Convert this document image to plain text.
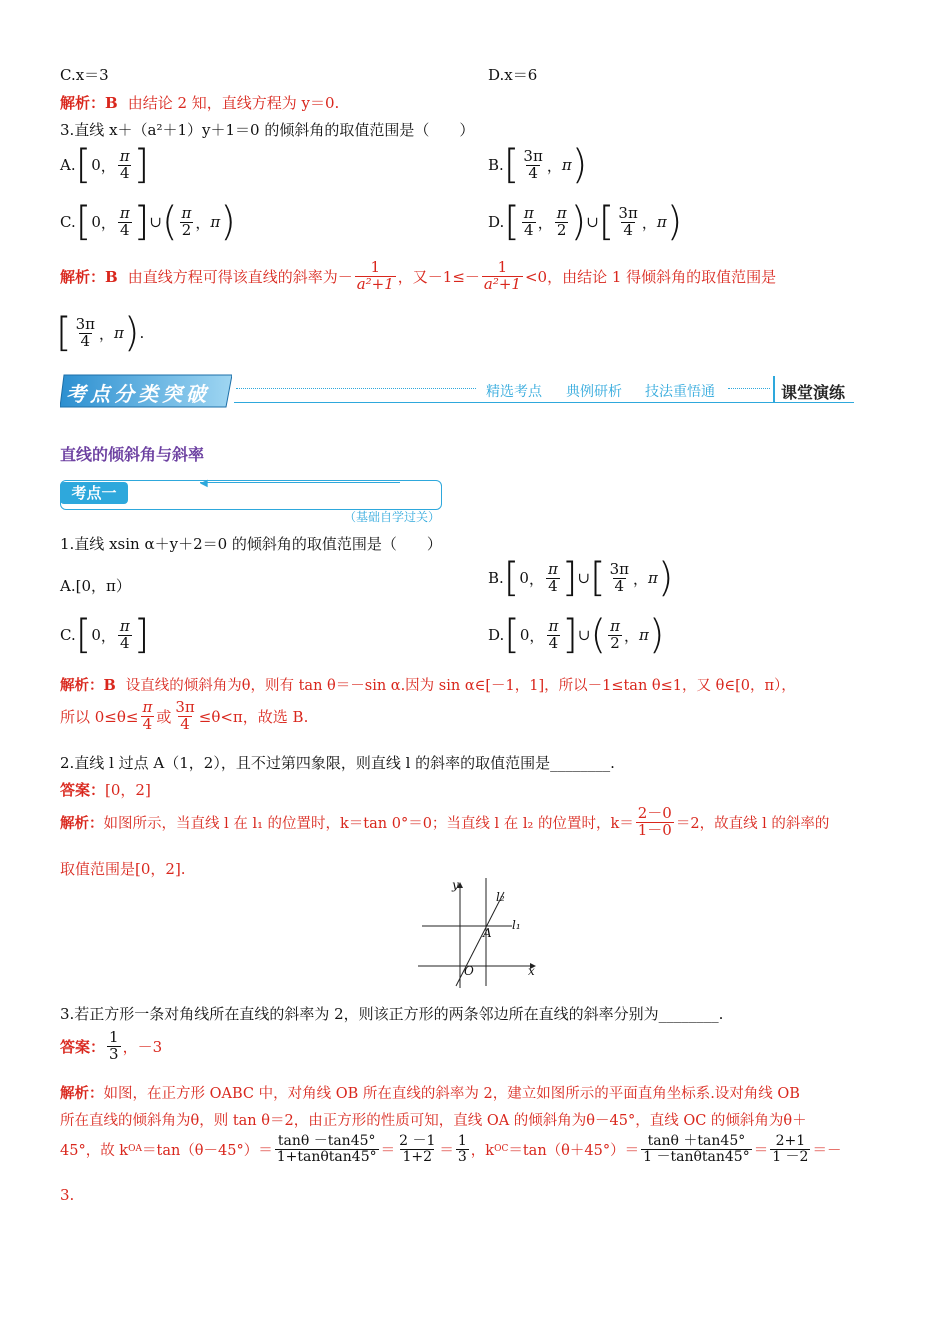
C.x＝3	D.x＝6
解析：B 由结论 2 知，直线方程为 y＝0.
3.直线 x＋（a²＋1）y＋1＝0 的倾斜角的取值范围是（　　）
A. [ 0 ， $\frac{\pi}{4}$ ]	B. [ $\frac{3\pi}{4}$ ， π )
C. [ 0 ， $\frac{\pi}{4}$ ] ∪ ( $\frac{\pi}{2}$ ， π )	D. [ $\frac{\pi}{4}$ ， $\frac{\pi}{2}$ ) ∪ [ $\frac{3\pi}{4}$ ， π )
解析：B 由直线方程可得该直线的斜率为－ $\frac{1}{\text{a²+1}}$ ，又$-1\le- \frac{1}{\text{a²+1}} <0$，由结论 1 得倾斜角的取值范围是
[ $\frac{3\pi}{4}$ ， π ) .
考点分类突破	精选考点 典例研析 技法重悟通	课堂演练
直线的倾斜角与斜率
考点一
◀
（基础自学过关）
1.直线 xsin α＋y＋2＝0 的倾斜角的取值范围是（　　）
A.[0，π）	B. [ 0 ， $\frac{\pi}{4}$ ] ∪ [ $\frac{3\pi}{4}$ ， π )
C. [ 0 ， $\frac{\pi}{4}$ ]	D. [ 0 ， $\frac{\pi}{4}$ ] ∪ ( $\frac{\pi}{2}$ ， π )
解析：B 设直线的倾斜角为θ，则有 tan θ＝－sin α.因为 sin α∈[－1，1]，所以－1≤tan θ≤1，又 θ∈[0，π），
所以 $0\le\theta\le \frac{\pi}{4}$ 或 $\frac{3\pi}{4} \le\theta<\pi$，故选 B.
2.直线 l 过点 A（1，2），且不过第四象限，则直线 l 的斜率的取值范围是________.
答案：[0，2]
解析： 如图所示，当直线 l 在 l₁ 的位置时，k＝tan 0°＝0；当直线 l 在 l₂ 的位置时，$k= \frac{2-0}{1-0} =2$，故直线 l 的斜率的
取值范围是[0，2].
y
x
O
A
l₁
l₂
3.若正方形一条对角线所在直线的斜率为 2，则该正方形的两条邻边所在直线的斜率分别为________.
答案： $\frac{1}{3}$ ，－3
解析：如图，在正方形 OABC 中，对角线 OB 所在直线的斜率为 2，建立如图所示的平面直角坐标系.设对角线 OB
所在直线的倾斜角为θ，则 tan θ＝2，由正方形的性质可知，直线 OA 的倾斜角为θ－45°，直线 OC 的倾斜角为θ＋
45°，故 k OA $=\tan(\theta-45^\circ)= \frac{\tan\theta -\tan 45^\circ}{1+\tan\theta\tan 45^\circ} = \frac{2 -1}{1+2} = \frac{1}{3}$ ，k OC $=\tan(\theta+45^\circ)= \frac{\tan\theta +\tan 45^\circ}{1 -\tan\theta\tan 45^\circ} = \frac{2+1}{1 -2}$ ＝－
3.
